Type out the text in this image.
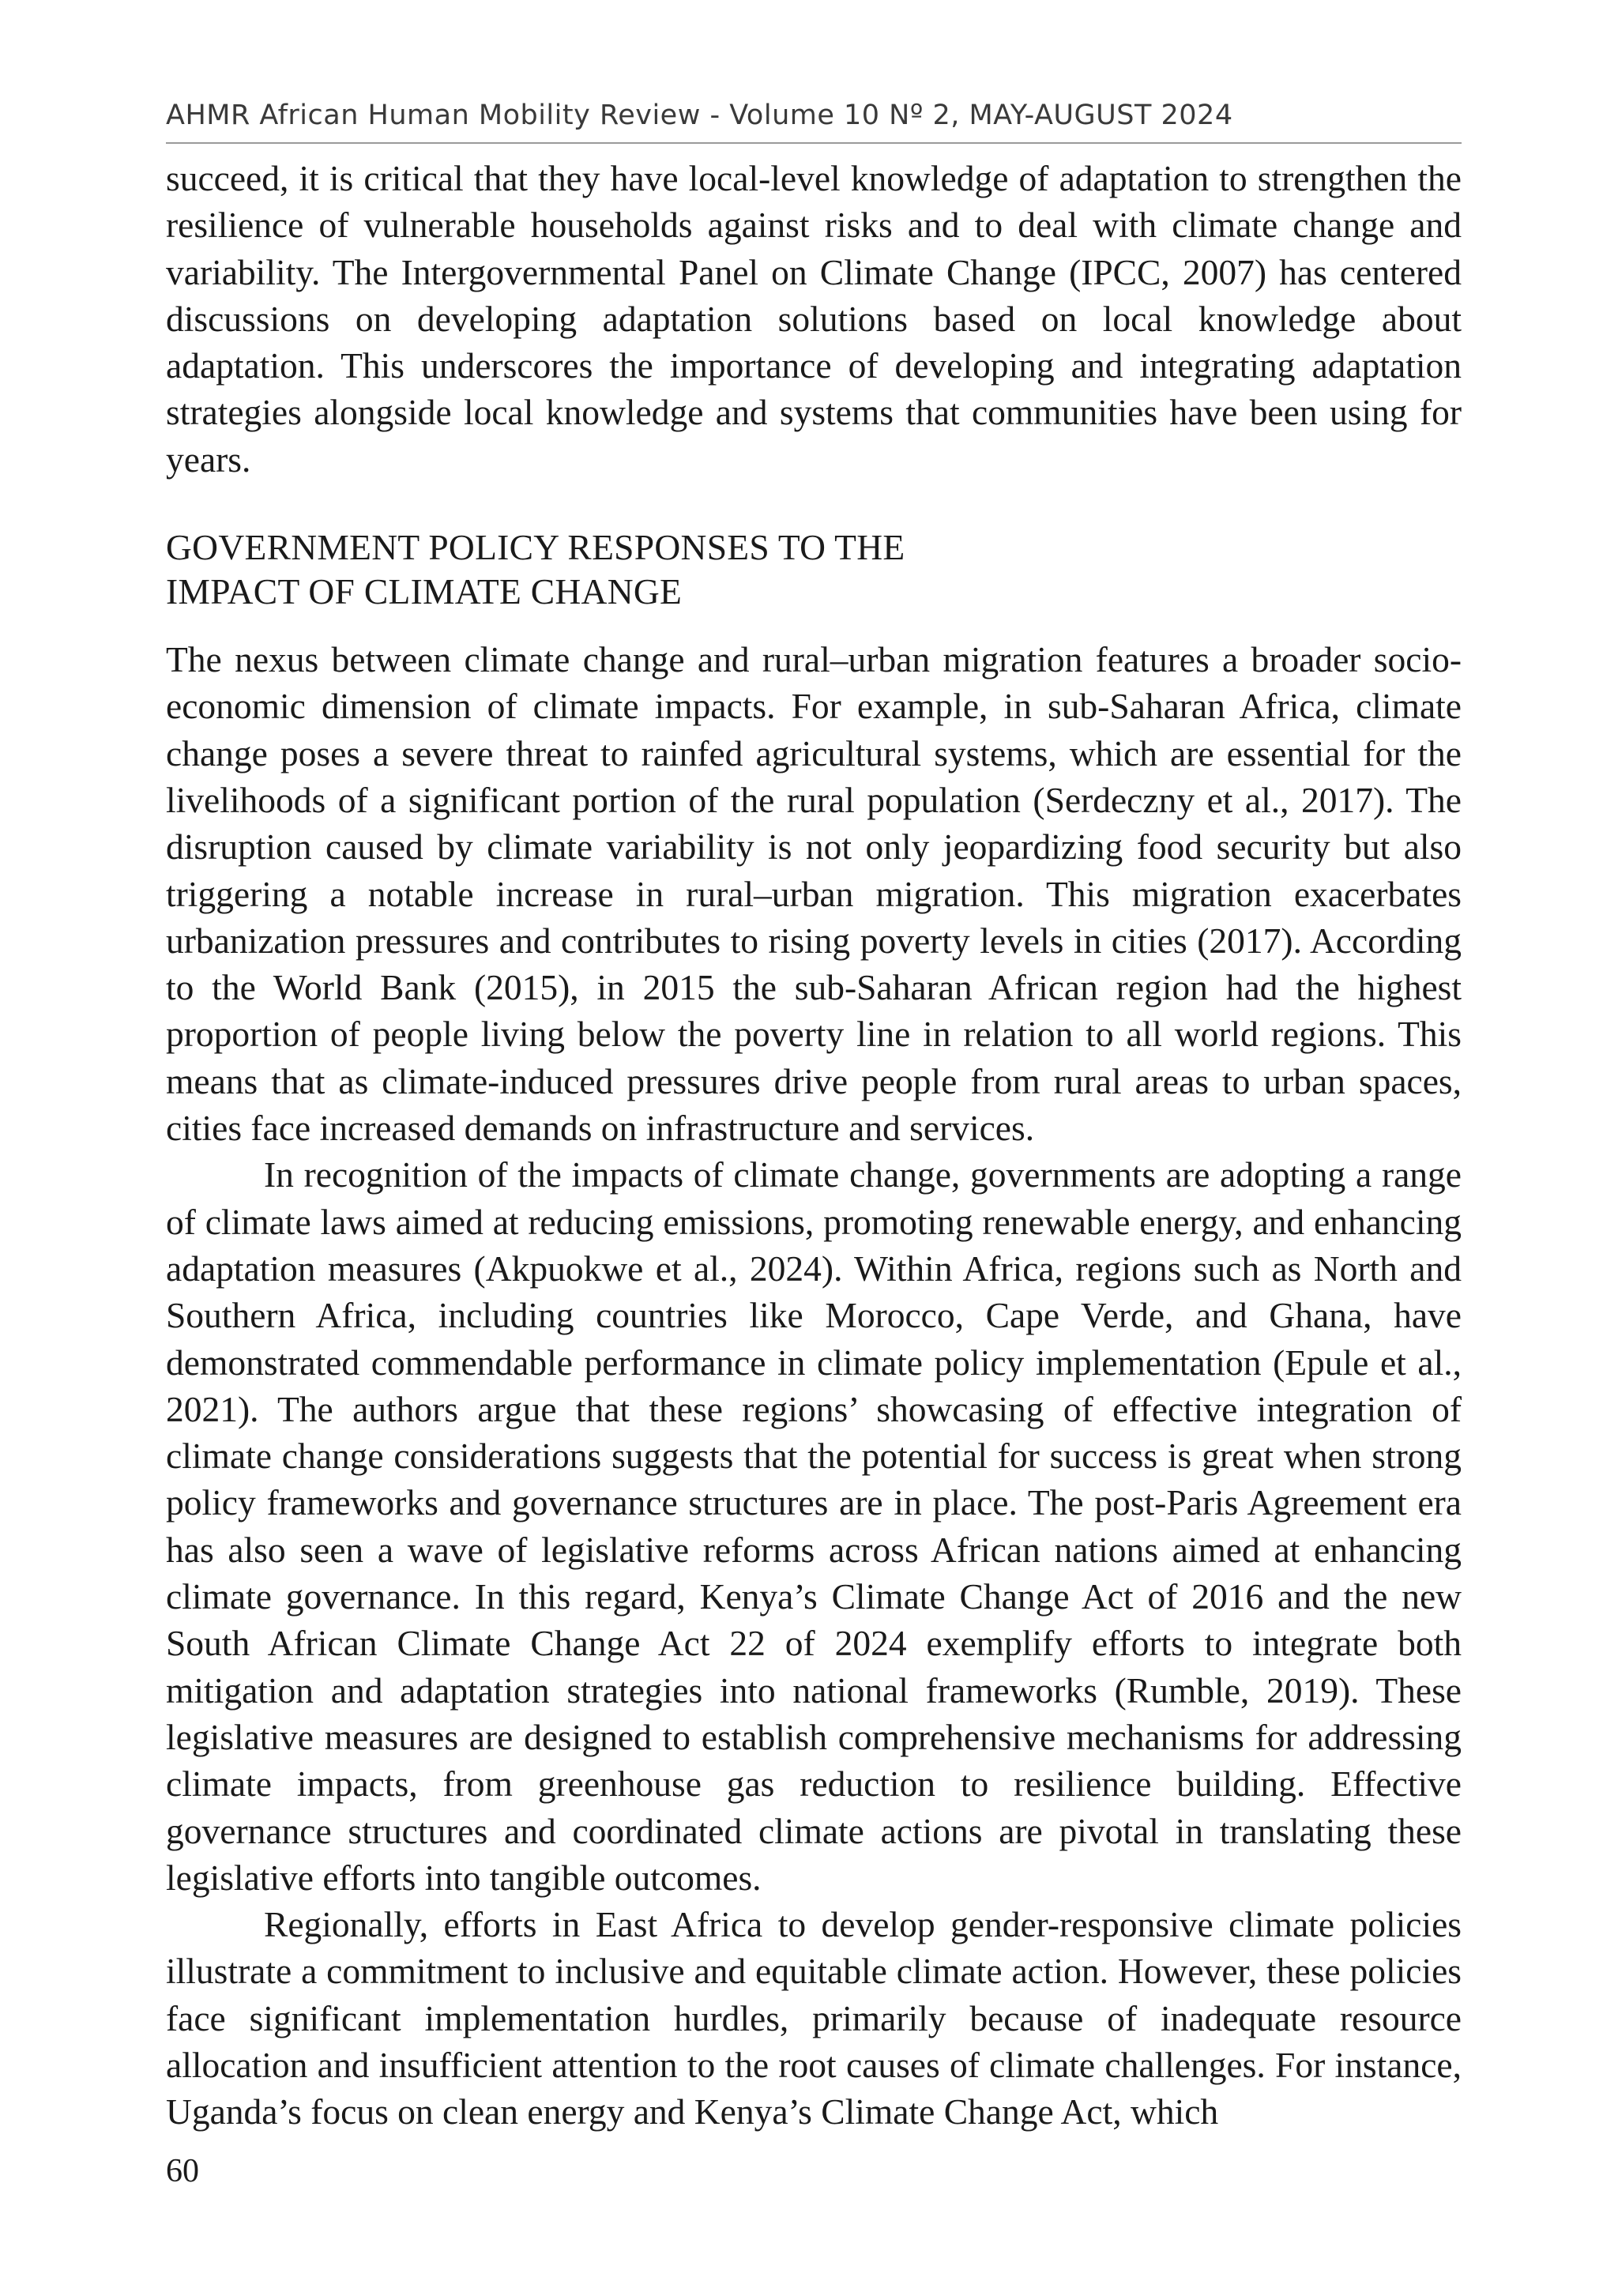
AHMR African Human Mobility Review - Volume 10 Nº 2, MAY-AUGUST 2024

succeed, it is critical that they have local-level knowledge of adaptation to strengthen the resilience of vulnerable households against risks and to deal with climate change and variability. The Intergovernmental Panel on Climate Change (IPCC, 2007) has centered discussions on developing adaptation solutions based on local knowledge about adaptation. This underscores the importance of developing and integrating adaptation strategies alongside local knowledge and systems that communities have been using for years.

GOVERNMENT POLICY RESPONSES TO THE
IMPACT OF CLIMATE CHANGE

The nexus between climate change and rural–urban migration features a broader socio-economic dimension of climate impacts. For example, in sub-Saharan Africa, climate change poses a severe threat to rainfed agricultural systems, which are essential for the livelihoods of a significant portion of the rural population (Serdeczny et al., 2017). The disruption caused by climate variability is not only jeopardizing food security but also triggering a notable increase in rural–urban migration. This migration exacerbates urbanization pressures and contributes to rising poverty levels in cities (2017). According to the World Bank (2015), in 2015 the sub-Saharan African region had the highest proportion of people living below the poverty line in relation to all world regions. This means that as climate-induced pressures drive people from rural areas to urban spaces, cities face increased demands on infrastructure and services.

In recognition of the impacts of climate change, governments are adopting a range of climate laws aimed at reducing emissions, promoting renewable energy, and enhancing adaptation measures (Akpuokwe et al., 2024). Within Africa, regions such as North and Southern Africa, including countries like Morocco, Cape Verde, and Ghana, have demonstrated commendable performance in climate policy implementation (Epule et al., 2021). The authors argue that these regions’ showcasing of effective integration of climate change considerations suggests that the potential for success is great when strong policy frameworks and governance structures are in place. The post-Paris Agreement era has also seen a wave of legislative reforms across African nations aimed at enhancing climate governance. In this regard, Kenya’s Climate Change Act of 2016 and the new South African Climate Change Act 22 of 2024 exemplify efforts to integrate both mitigation and adaptation strategies into national frameworks (Rumble, 2019). These legislative measures are designed to establish comprehensive mechanisms for addressing climate impacts, from greenhouse gas reduction to resilience building. Effective governance structures and coordinated climate actions are pivotal in translating these legislative efforts into tangible outcomes.

Regionally, efforts in East Africa to develop gender-responsive climate policies illustrate a commitment to inclusive and equitable climate action. However, these policies face significant implementation hurdles, primarily because of inadequate resource allocation and insufficient attention to the root causes of climate challenges. For instance, Uganda’s focus on clean energy and Kenya’s Climate Change Act, which

60
